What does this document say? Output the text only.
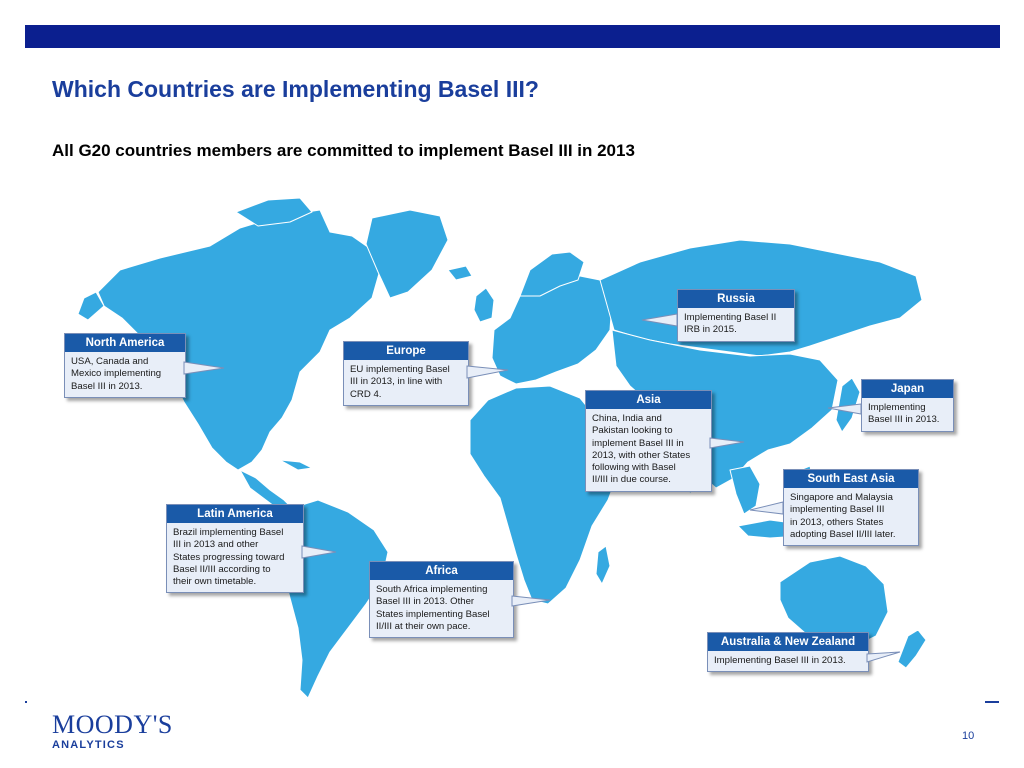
Which Countries are Implementing Basel III?
All G20 countries members are committed to implement Basel III in 2013
North America
USA, Canada and
Mexico implementing
Basel III in 2013.
Europe
EU implementing Basel
III in 2013, in line with
CRD 4.
Russia
Implementing Basel II
IRB in 2015.
Japan
Implementing
Basel III in 2013.
Asia
China, India and
Pakistan looking to
implement Basel III in
2013, with other States
following with Basel
II/III in due course.	South East Asia
Singapore and Malaysia
implementing Basel III
in 2013, others States
adopting Basel II/III later.
Latin America
Brazil implementing Basel
III in 2013 and other
States progressing toward
Basel II/III according to
their own timetable.
Africa
South Africa implementing
Basel III in 2013. Other
States implementing Basel
II/III at their own pace.
Australia & New Zealand
Implementing Basel III in 2013.
MOODY'S
ANALYTICS
10
